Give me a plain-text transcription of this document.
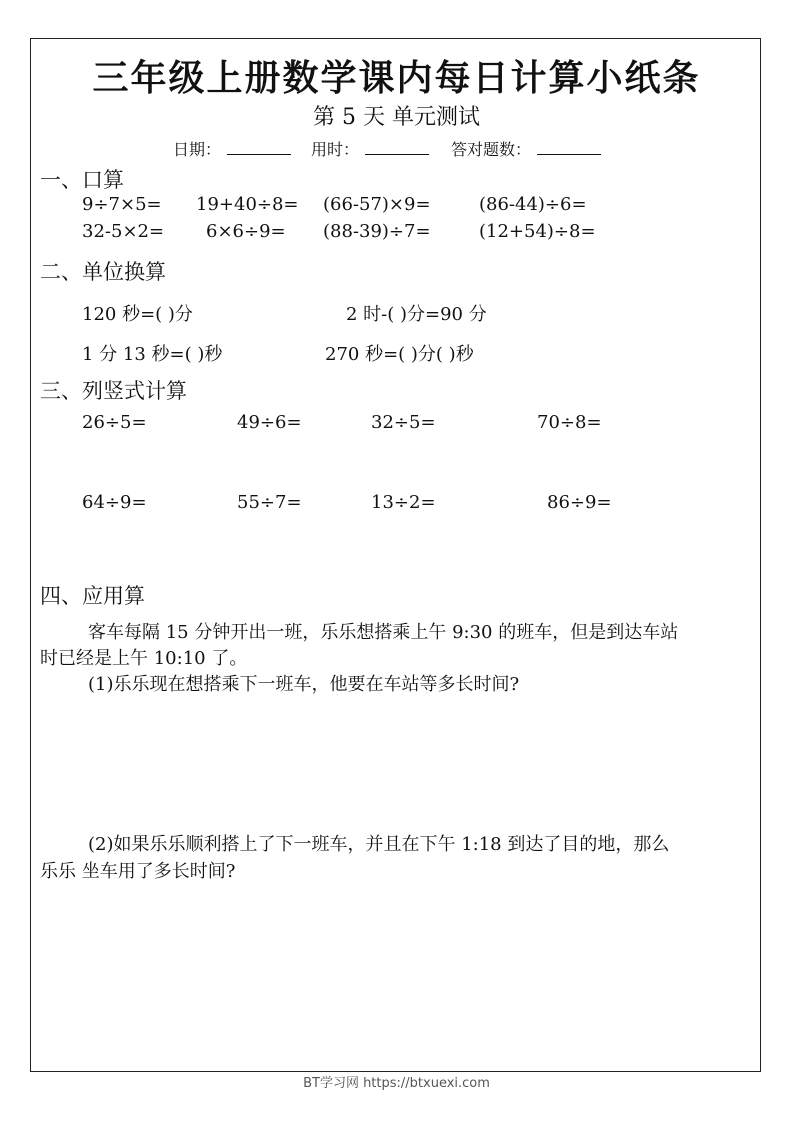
三年级上册数学课内每日计算小纸条
第 5 天 单元测试
日期：	用时：	答对题数：
一、口算
9÷7×5= 19+40÷8= (66-57)×9=	(86-44)÷6=
32-5×2= 6×6÷9= (88-39)÷7=	(12+54)÷8=
二、单位换算
120 秒=( )分	2 时-( )分=90 分
1 分 13 秒=( )秒	270 秒=( )分( )秒
三、列竖式计算
26÷5=	49÷6=	32÷5=	70÷8=
64÷9=	55÷7=	13÷2=	86÷9=
四、应用算
客车每隔 15 分钟开出一班，乐乐想搭乘上午 9:30 的班车，但是到达车站
时已经是上午 10:10 了。
(1)乐乐现在想搭乘下一班车，他要在车站等多长时间?
(2)如果乐乐顺利搭上了下一班车，并且在下午 1:18 到达了目的地，那么
乐乐 坐车用了多长时间?
BT学习网 https://btxuexi.com
